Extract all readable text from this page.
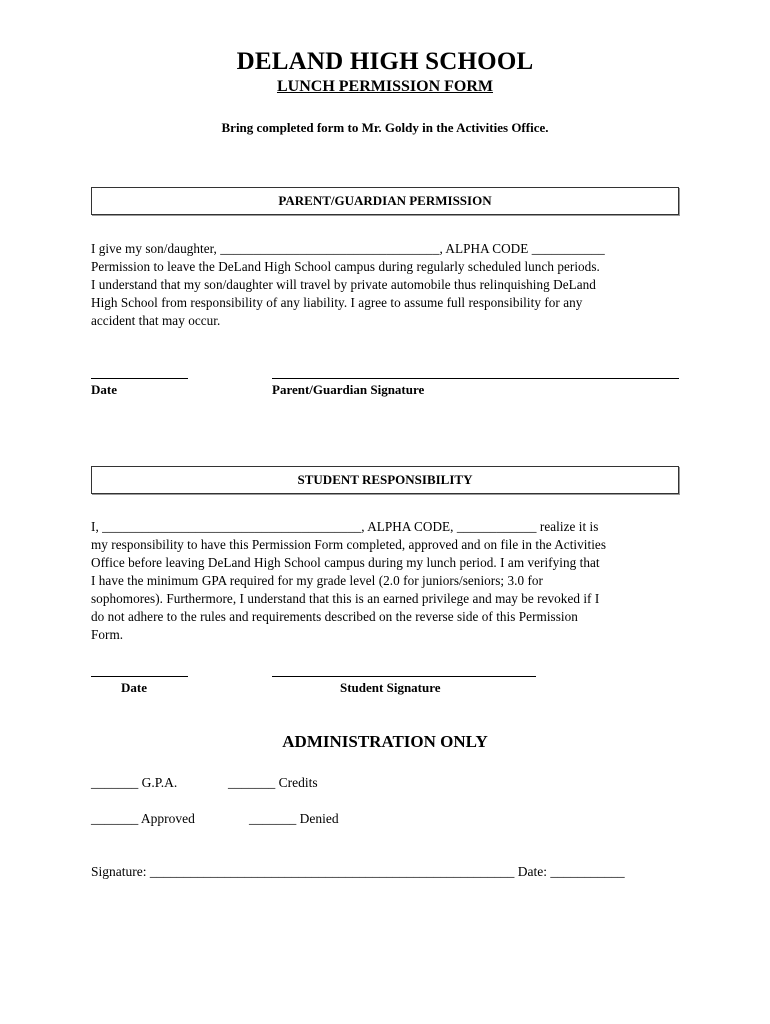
DELAND HIGH SCHOOL
LUNCH PERMISSION FORM
Bring completed form to Mr. Goldy in the Activities Office.
PARENT/GUARDIAN PERMISSION

I give my son/daughter, _________________________________, ALPHA CODE ___________

Permission to leave the DeLand High School campus during regularly scheduled lunch periods.

I understand that my son/daughter will travel by private automobile thus relinquishing DeLand

High School from responsibility of any liability. I agree to assume full responsibility for any

accident that may occur.

Date	Parent/Guardian Signature
STUDENT RESPONSIBILITY

I, _______________________________________, ALPHA CODE, ____________ realize it is

my responsibility to have this Permission Form completed, approved and on file in the Activities

Office before leaving DeLand High School campus during my lunch period. I am verifying that

I have the minimum GPA required for my grade level (2.0 for juniors/seniors; 3.0 for

sophomores). Furthermore, I understand that this is an earned privilege and may be revoked if I

do not adhere to the rules and requirements described on the reverse side of this Permission

Form.

Date	Student Signature
ADMINISTRATION ONLY
_______ G.P.A.	_______ Credits
_______ Approved	_______ Denied
Signature: ______________________________________________________ Date: ___________
